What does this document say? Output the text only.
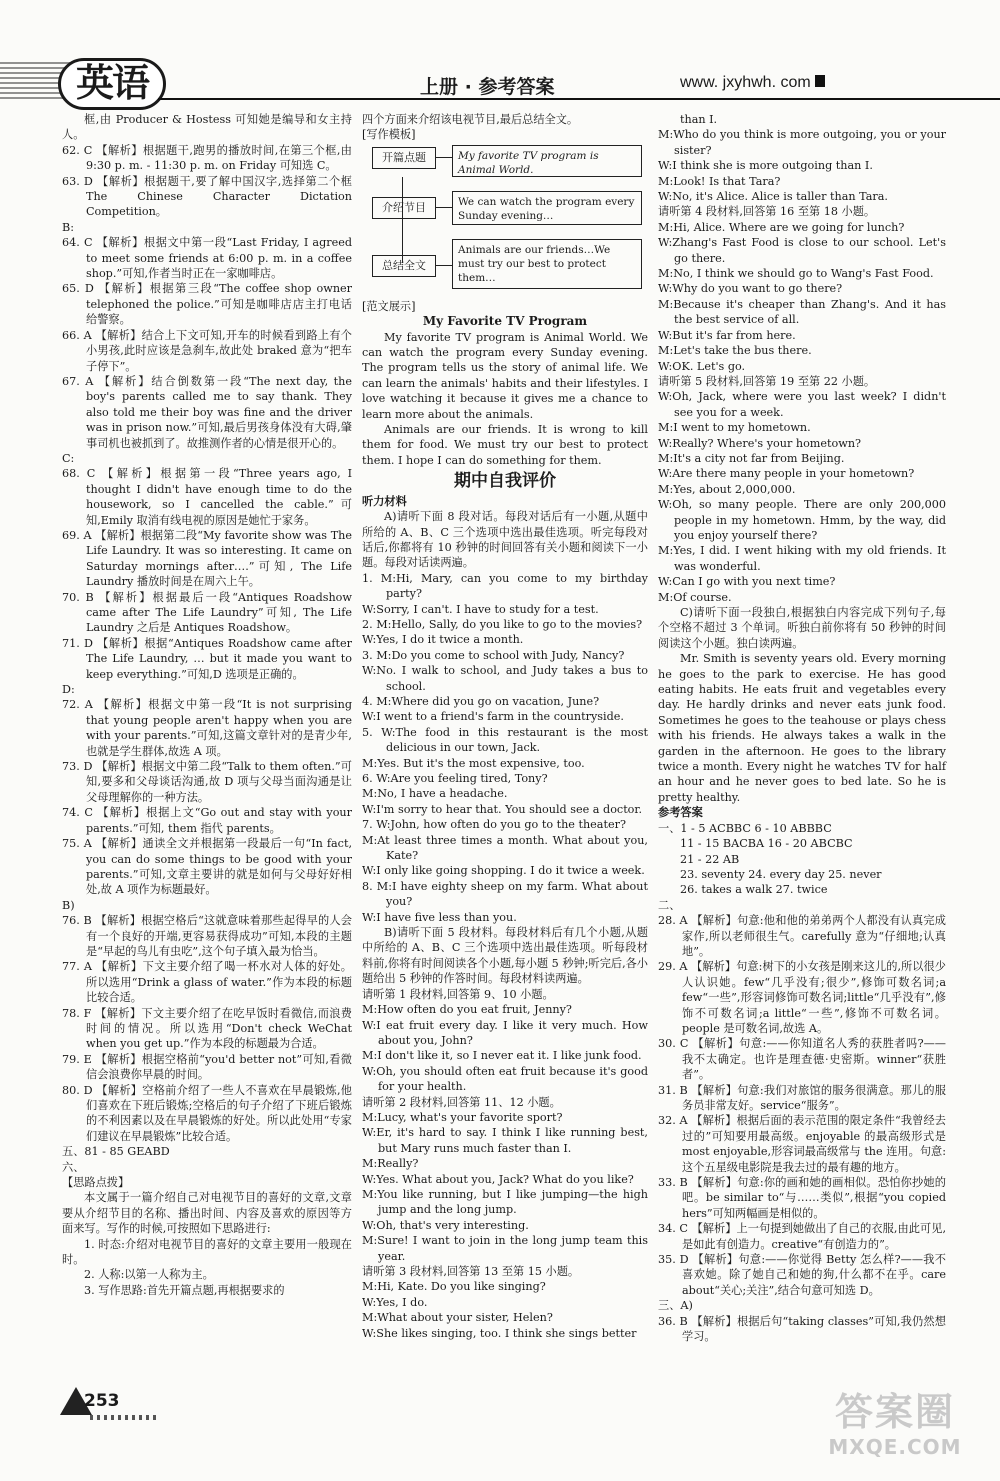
英语	上册 · 参考答案	www. jxyhwh. com

框,由 Producer & Hostess 可知她是编导和女主持人。

62. C 【解析】根据题干,跑男的播放时间,在第三个框,由 9:30 p. m. - 11:30 p. m. on Friday 可知选 C。

63. D 【解析】根据题干,要了解中国汉字,选择第二个框 The Chinese Character Dictation Competition。

B:

64. C 【解析】根据文中第一段“Last Friday, I agreed to meet some friends at 6:00 p. m. in a coffee shop.”可知,作者当时正在一家咖啡店。

65. D 【解析】根据第三段“The coffee shop owner telephoned the police.”可知是咖啡店店主打电话给警察。

66. A 【解析】结合上下文可知,开车的时候看到路上有个小男孩,此时应该是急刹车,故此处 braked 意为“把车子停下”。

67. A 【解析】结合倒数第一段“The next day, the boy's parents called me to say thank. They also told me their boy was fine and the driver was in prison now.”可知,最后男孩身体没有大碍,肇事司机也被抓到了。故推测作者的心情是很开心的。

C:

68. C 【解析】根据第一段“Three years ago, I thought I didn't have enough time to do the housework, so I cancelled the cable.”可知,Emily 取消有线电视的原因是她忙于家务。

69. A 【解析】根据第二段“My favorite show was The Life Laundry. It was so interesting. It came on Saturday mornings after….”可知, The Life Laundry 播放时间是在周六上午。

70. B 【解析】根据最后一段“Antiques Roadshow came after The Life Laundry”可知, The Life Laundry 之后是 Antiques Roadshow。

71. D 【解析】根据“Antiques Roadshow came after The Life Laundry, … but it made you want to keep everything.”可知,D 选项是正确的。

D:

72. A 【解析】根据文中第一段“It is not surprising that young people aren't happy when you are with your parents.”可知,这篇文章针对的是青少年,也就是学生群体,故选 A 项。

73. D 【解析】根据文中第二段“Talk to them often.”可知,要多和父母谈话沟通,故 D 项与父母当面沟通是让父母理解你的一种方法。

74. C 【解析】根据上文“Go out and stay with your parents.”可知, them 指代 parents。

75. A 【解析】通读全文并根据第一段最后一句“In fact, you can do some things to be good with your parents.”可知,文章主要讲的就是如何与父母好好相处,故 A 项作为标题最好。

B)

76. B 【解析】根据空格后“这就意味着那些起得早的人会有一个良好的开端,更容易获得成功”可知,本段的主题是“早起的鸟儿有虫吃”,这个句子填入最为恰当。

77. A 【解析】下文主要介绍了喝一杯水对人体的好处。所以选用“Drink a glass of water.”作为本段的标题比较合适。

78. F 【解析】下文主要介绍了在吃早饭时看微信,而浪费时间的情况。所以选用“Don't check WeChat when you get up.”作为本段的标题最为合适。

79. E 【解析】根据空格前“you'd better not”可知,看微信会浪费你早晨的时间。

80. D 【解析】空格前介绍了一些人不喜欢在早晨锻炼,他们喜欢在下班后锻炼;空格后的句子介绍了下班后锻炼的不利因素以及在早晨锻炼的好处。所以此处用“专家们建议在早晨锻炼”比较合适。

五、81 - 85 GEABD

六、

【思路点拨】

本文属于一篇介绍自己对电视节目的喜好的文章,文章要从介绍节目的名称、播出时间、内容及喜欢的原因等方面来写。写作的时候,可按照如下思路进行:

1. 时态:介绍对电视节目的喜好的文章主要用一般现在时。

2. 人称:以第一人称为主。

3. 写作思路:首先开篇点题,再根据要求的

四个方面来介绍该电视节目,最后总结全文。

[写作模板]

开篇点题	My favorite TV program is Animal World.
介绍节目	We can watch the program every Sunday evening…
总结全文
Animals are our friends…We must try our best to protect them…

[范文展示]

My Favorite TV Program

My favorite TV program is Animal World. We can watch the program every Sunday evening. The program tells us the story of animal life. We can learn the animals' habits and their lifestyles. I love watching it because it gives me a chance to learn more about the animals.

Animals are our friends. It is wrong to kill them for food. We must try our best to protect them. I hope I can do something for them.

期中自我评价

听力材料

A)请听下面 8 段对话。每段对话后有一小题,从题中所给的 A、B、C 三个选项中选出最佳选项。听完每段对话后,你都将有 10 秒钟的时间回答有关小题和阅读下一小题。每段对话读两遍。

1. M:Hi, Mary, can you come to my birthday party?

W:Sorry, I can't. I have to study for a test.

2. M:Hello, Sally, do you like to go to the movies?

W:Yes, I do it twice a month.

3. M:Do you come to school with Judy, Nancy?

W:No. I walk to school, and Judy takes a bus to school.

4. M:Where did you go on vacation, June?

W:I went to a friend's farm in the countryside.

5. W:The food in this restaurant is the most delicious in our town, Jack.

M:Yes. But it's the most expensive, too.

6. W:Are you feeling tired, Tony?

M:No, I have a headache.

W:I'm sorry to hear that. You should see a doctor.

7. W:John, how often do you go to the theater?

M:At least three times a month. What about you, Kate?

W:I only like going shopping. I do it twice a week.

8. M:I have eighty sheep on my farm. What about you?

W:I have five less than you.

B)请听下面 5 段材料。每段材料后有几个小题,从题中所给的 A、B、C 三个选项中选出最佳选项。听每段材料前,你将有时间阅读各个小题,每小题 5 秒钟;听完后,各小题给出 5 秒钟的作答时间。每段材料读两遍。

请听第 1 段材料,回答第 9、10 小题。

M:How often do you eat fruit, Jenny?

W:I eat fruit every day. I like it very much. How about you, John?

M:I don't like it, so I never eat it. I like junk food.

W:Oh, you should often eat fruit because it's good for your health.

请听第 2 段材料,回答第 11、12 小题。

M:Lucy, what's your favorite sport?

W:Er, it's hard to say. I think I like running best, but Mary runs much faster than I.

M:Really?

W:Yes. What about you, Jack? What do you like?

M:You like running, but I like jumping—the high jump and the long jump.

W:Oh, that's very interesting.

M:Sure! I want to join in the long jump team this year.

请听第 3 段材料,回答第 13 至第 15 小题。

M:Hi, Kate. Do you like singing?

W:Yes, I do.

M:What about your sister, Helen?

W:She likes singing, too. I think she sings better

than I.

M:Who do you think is more outgoing, you or your sister?

W:I think she is more outgoing than I.

M:Look! Is that Tara?

W:No, it's Alice. Alice is taller than Tara.

请听第 4 段材料,回答第 16 至第 18 小题。

M:Hi, Alice. Where are we going for lunch?

W:Zhang's Fast Food is close to our school. Let's go there.

M:No, I think we should go to Wang's Fast Food.

W:Why do you want to go there?

M:Because it's cheaper than Zhang's. And it has the best service of all.

W:But it's far from here.

M:Let's take the bus there.

W:OK. Let's go.

请听第 5 段材料,回答第 19 至第 22 小题。

W:Oh, Jack, where were you last week? I didn't see you for a week.

M:I went to my hometown.

W:Really? Where's your hometown?

M:It's a city not far from Beijing.

W:Are there many people in your hometown?

M:Yes, about 2,000,000.

W:Oh, so many people. There are only 200,000 people in my hometown. Hmm, by the way, did you enjoy yourself there?

M:Yes, I did. I went hiking with my old friends. It was wonderful.

W:Can I go with you next time?

M:Of course.

C)请听下面一段独白,根据独白内容完成下列句子,每个空格不超过 3 个单词。听独白前你将有 50 秒钟的时间阅读这个小题。独白读两遍。

Mr. Smith is seventy years old. Every morning he goes to the park to exercise. He has good eating habits. He eats fruit and vegetables every day. He hardly drinks and never eats junk food. Sometimes he goes to the teahouse or plays chess with his friends. He always takes a walk in the garden in the afternoon. He goes to the library twice a month. Every night he watches TV for half an hour and he never goes to bed late. So he is pretty healthy.

参考答案

一、1 - 5 ACBBC 6 - 10 ABBBC

11 - 15 BACBA 16 - 20 ABCBC

21 - 22 AB

23. seventy 24. every day 25. never

26. takes a walk 27. twice

二、

28. A 【解析】句意:他和他的弟弟两个人都没有认真完成家作,所以老师很生气。carefully 意为“仔细地;认真地”。

29. A 【解析】句意:树下的小女孩是刚来这儿的,所以很少人认识她。few“几乎没有;很少”,修饰可数名词;a few“一些”,形容词修饰可数名词;little“几乎没有”,修饰不可数名词;a little“一些”,修饰不可数名词。people 是可数名词,故选 A。

30. C 【解析】句意:——你知道名人秀的获胜者吗?——我不太确定。也许是理查德·史密斯。winner“获胜者”。

31. B 【解析】句意:我们对旅馆的服务很满意。那儿的服务员非常友好。service“服务”。

32. A 【解析】根据后面的表示范围的限定条件“我曾经去过的”可知要用最高级。enjoyable 的最高级形式是 most enjoyable,形容词最高级常与 the 连用。句意:这个五星级电影院是我去过的最有趣的地方。

33. B 【解析】句意:你的画和她的画相似。恐怕你抄她的吧。be similar to“与……类似”,根据“you copied hers”可知两幅画是相似的。

34. C 【解析】上一句提到她做出了自己的衣服,由此可见,是如此有创造力。creative“有创造力的”。

35. D 【解析】句意:——你觉得 Betty 怎么样?——我不喜欢她。除了她自己和她的狗,什么都不在乎。care about“关心;关注”,结合句意可知选 D。

三、A)

36. B 【解析】根据后句“taking classes”可知,我仍然想学习。

253	答案圈
MXQE.COM
